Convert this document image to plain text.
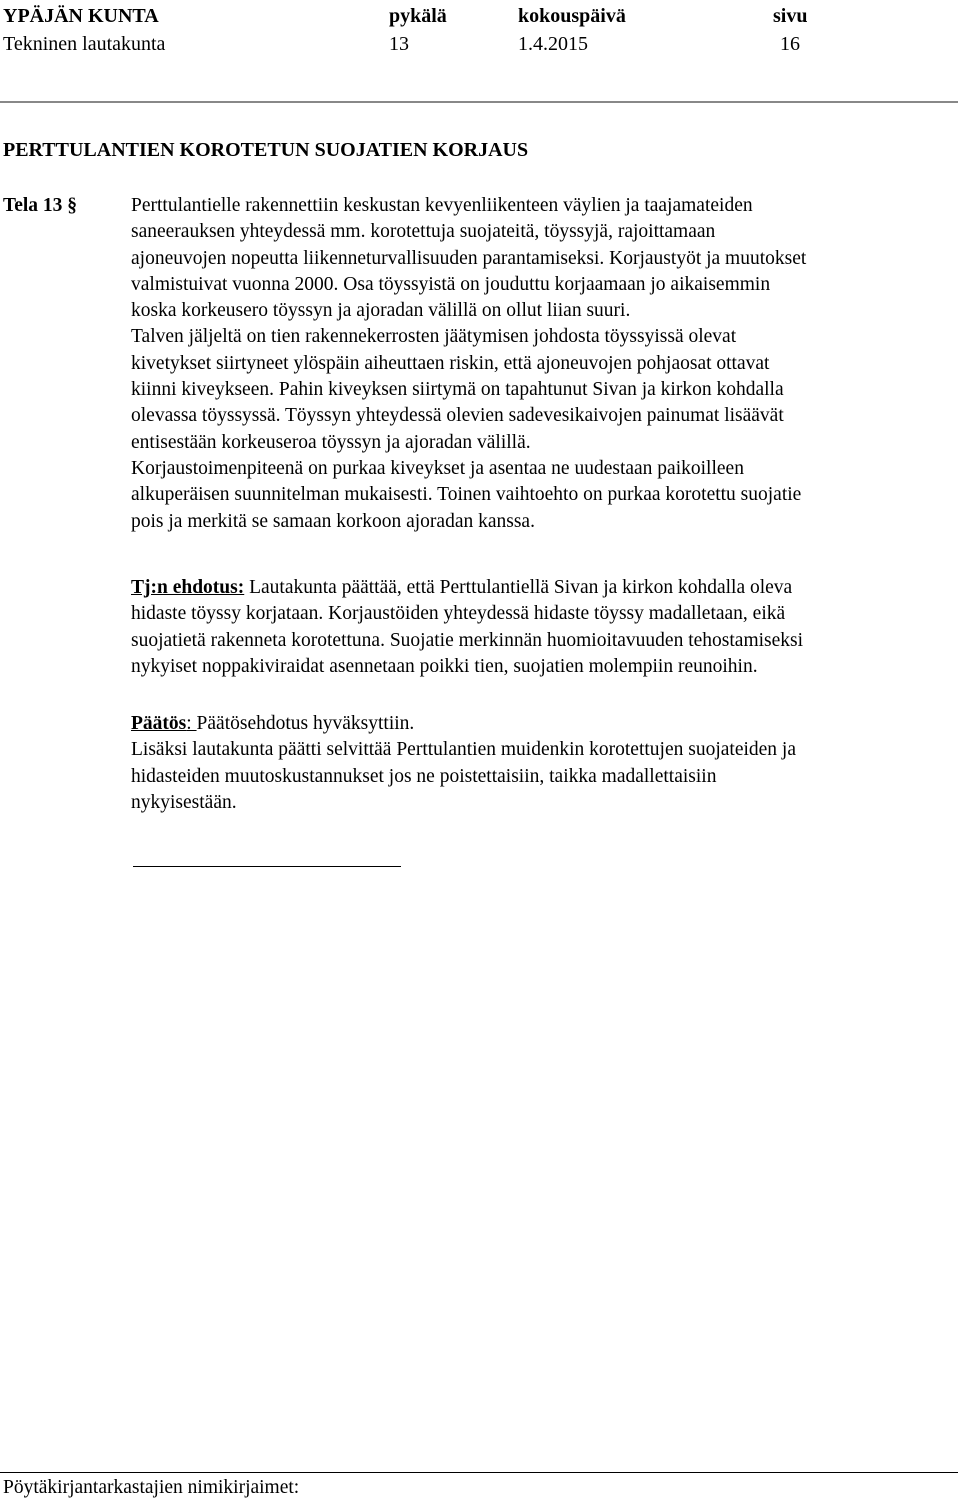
YPÄJÄN KUNTA	pykälä	kokouspäivä	sivu
Tekninen lautakunta	13	1.4.2015	16
PERTTULANTIEN KOROTETUN SUOJATIEN KORJAUS
Tela 13 §	Perttulantielle rakennettiin keskustan kevyenliikenteen väylien ja taajamateiden

saneerauksen yhteydessä mm. korotettuja suojateitä, töyssyjä, rajoittamaan

ajoneuvojen nopeutta liikenneturvallisuuden parantamiseksi. Korjaustyöt ja muutokset

valmistuivat vuonna 2000. Osa töyssyistä on jouduttu korjaamaan jo aikaisemmin

koska korkeusero töyssyn ja ajoradan välillä on ollut liian suuri.

Talven jäljeltä on tien rakennekerrosten jäätymisen johdosta töyssyissä olevat

kivetykset siirtyneet ylöspäin aiheuttaen riskin, että ajoneuvojen pohjaosat ottavat

kiinni kiveykseen. Pahin kiveyksen siirtymä on tapahtunut Sivan ja kirkon kohdalla

olevassa töyssyssä. Töyssyn yhteydessä olevien sadevesikaivojen painumat lisäävät

entisestään korkeuseroa töyssyn ja ajoradan välillä.

Korjaustoimenpiteenä on purkaa kiveykset ja asentaa ne uudestaan paikoilleen

alkuperäisen suunnitelman mukaisesti. Toinen vaihtoehto on purkaa korotettu suojatie

pois ja merkitä se samaan korkoon ajoradan kanssa.

Tj:n ehdotus: Lautakunta päättää, että Perttulantiellä Sivan ja kirkon kohdalla oleva

hidaste töyssy korjataan. Korjaustöiden yhteydessä hidaste töyssy madalletaan, eikä

suojatietä rakenneta korotettuna. Suojatie merkinnän huomioitavuuden tehostamiseksi

nykyiset noppakiviraidat asennetaan poikki tien, suojatien molempiin reunoihin.

Päätös: Päätösehdotus hyväksyttiin.

Lisäksi lautakunta päätti selvittää Perttulantien muidenkin korotettujen suojateiden ja

hidasteiden muutoskustannukset jos ne poistettaisiin, taikka madallettaisiin

nykyisestään.

Pöytäkirjantarkastajien nimikirjaimet:
